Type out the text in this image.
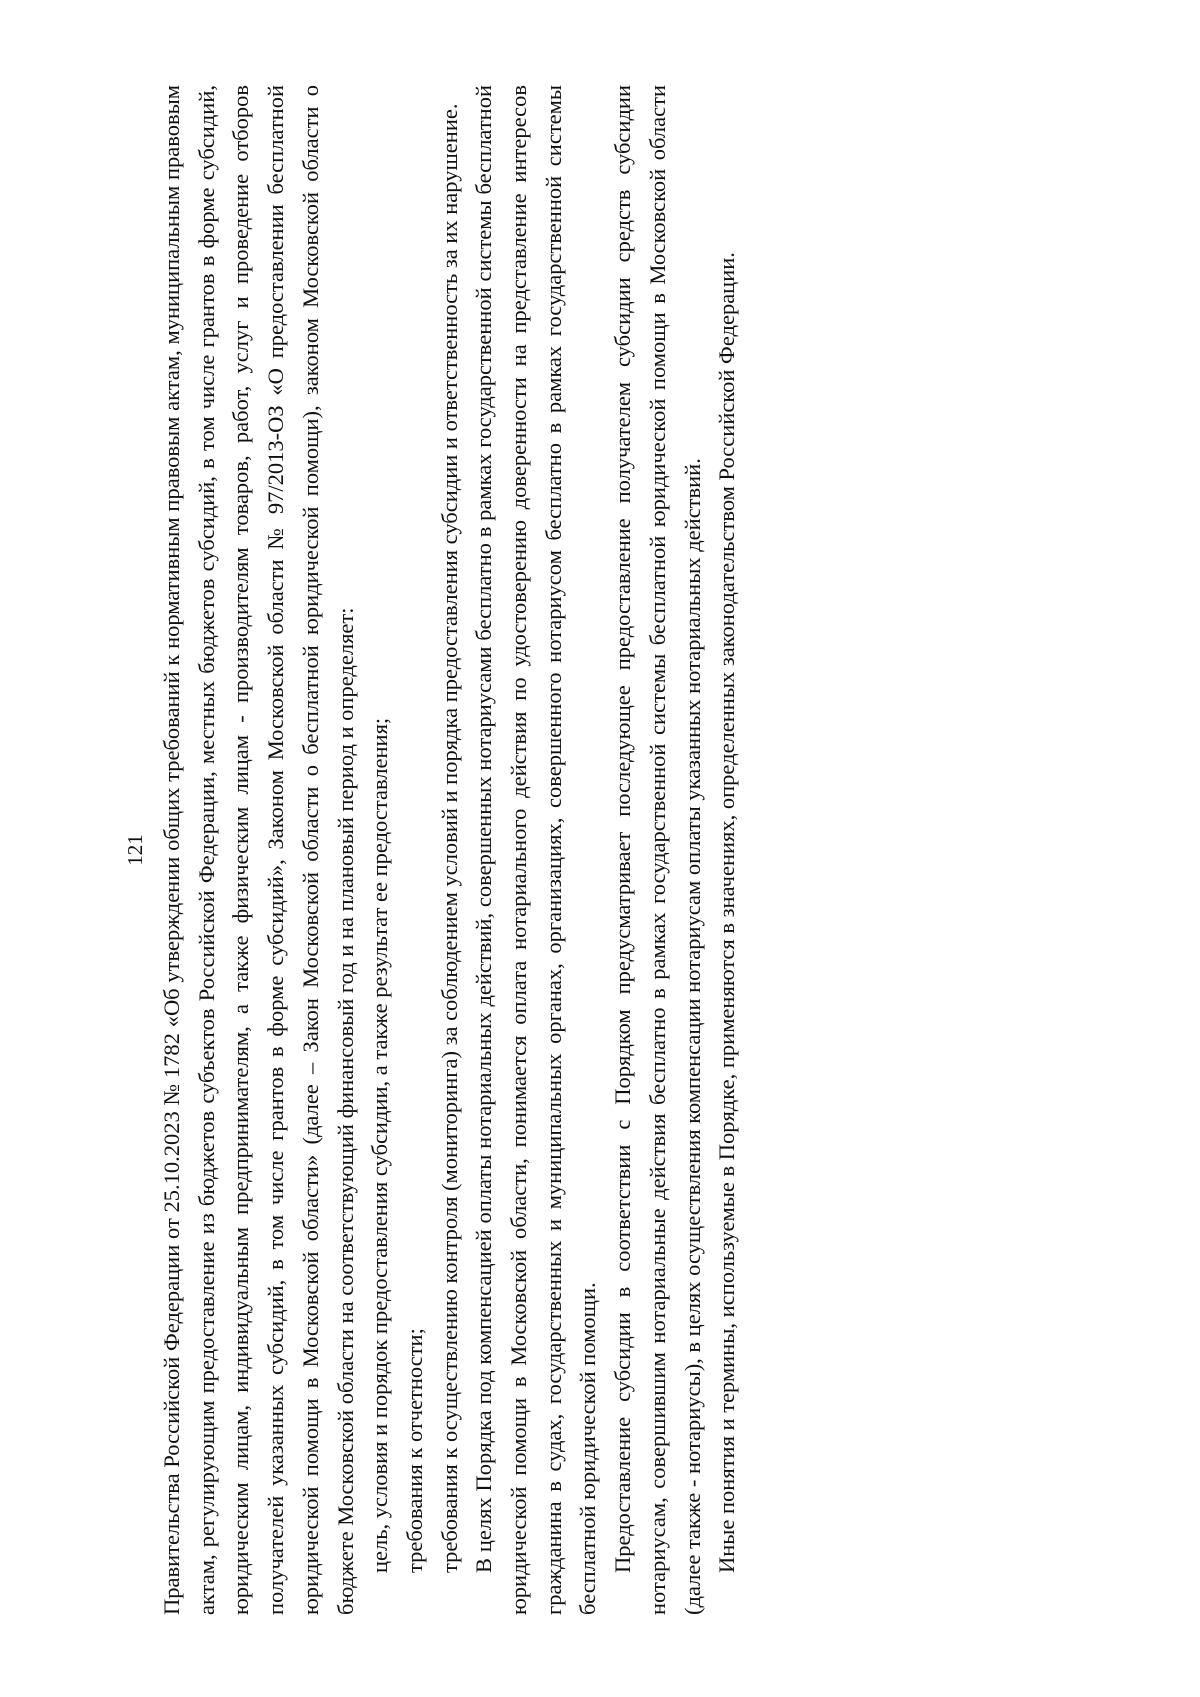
121 Правительства Российской Федерации от 25.10.2023 № 1782 «Об утверждении общих требований к нормативным правовым актам, муниципальным правовым актам, регулирующим предоставление из бюджетов субъектов Российской Федерации, местных бюджетов субсидий, в том числе грантов в форме субсидий, юридическим лицам, индивидуальным предпринимателям, а также физическим лицам - производителям товаров, работ, услуг и проведение отборов получателей указанных субсидий, в том числе грантов в форме субсидий», Законом Московской области № 97/2013-ОЗ «О предоставлении бесплатной юридической помощи в Московской области» (далее – Закон Московской области о бесплатной юридической помощи), законом Московской области о бюджете Московской области на соответствующий финансовый год и на плановый период и определяет: цель, условия и порядок предоставления субсидии, а также результат ее предоставления; требования к отчетности; требования к осуществлению контроля (мониторинга) за соблюдением условий и порядка предоставления субсидии и ответственность за их нарушение. В целях Порядка под компенсацией оплаты нотариальных действий, совершенных нотариусами бесплатно в рамках государственной системы бесплатной юридической помощи в Московской области, понимается оплата нотариального действия по удостоверению доверенности на представление интересов гражданина в судах, государственных и муниципальных органах, организациях, совершенного нотариусом бесплатно в рамках государственной системы бесплатной юридической помощи. Предоставление субсидии в соответствии с Порядком предусматривает последующее предоставление получателем субсидии средств субсидии нотариусам, совершившим нотариальные действия бесплатно в рамках государственной системы бесплатной юридической помощи в Московской области (далее также - нотариусы), в целях осуществления компенсации нотариусам оплаты указанных нотариальных действий. Иные понятия и термины, используемые в Порядке, применяются в значениях, определенных законодательством Российской Федерации.
